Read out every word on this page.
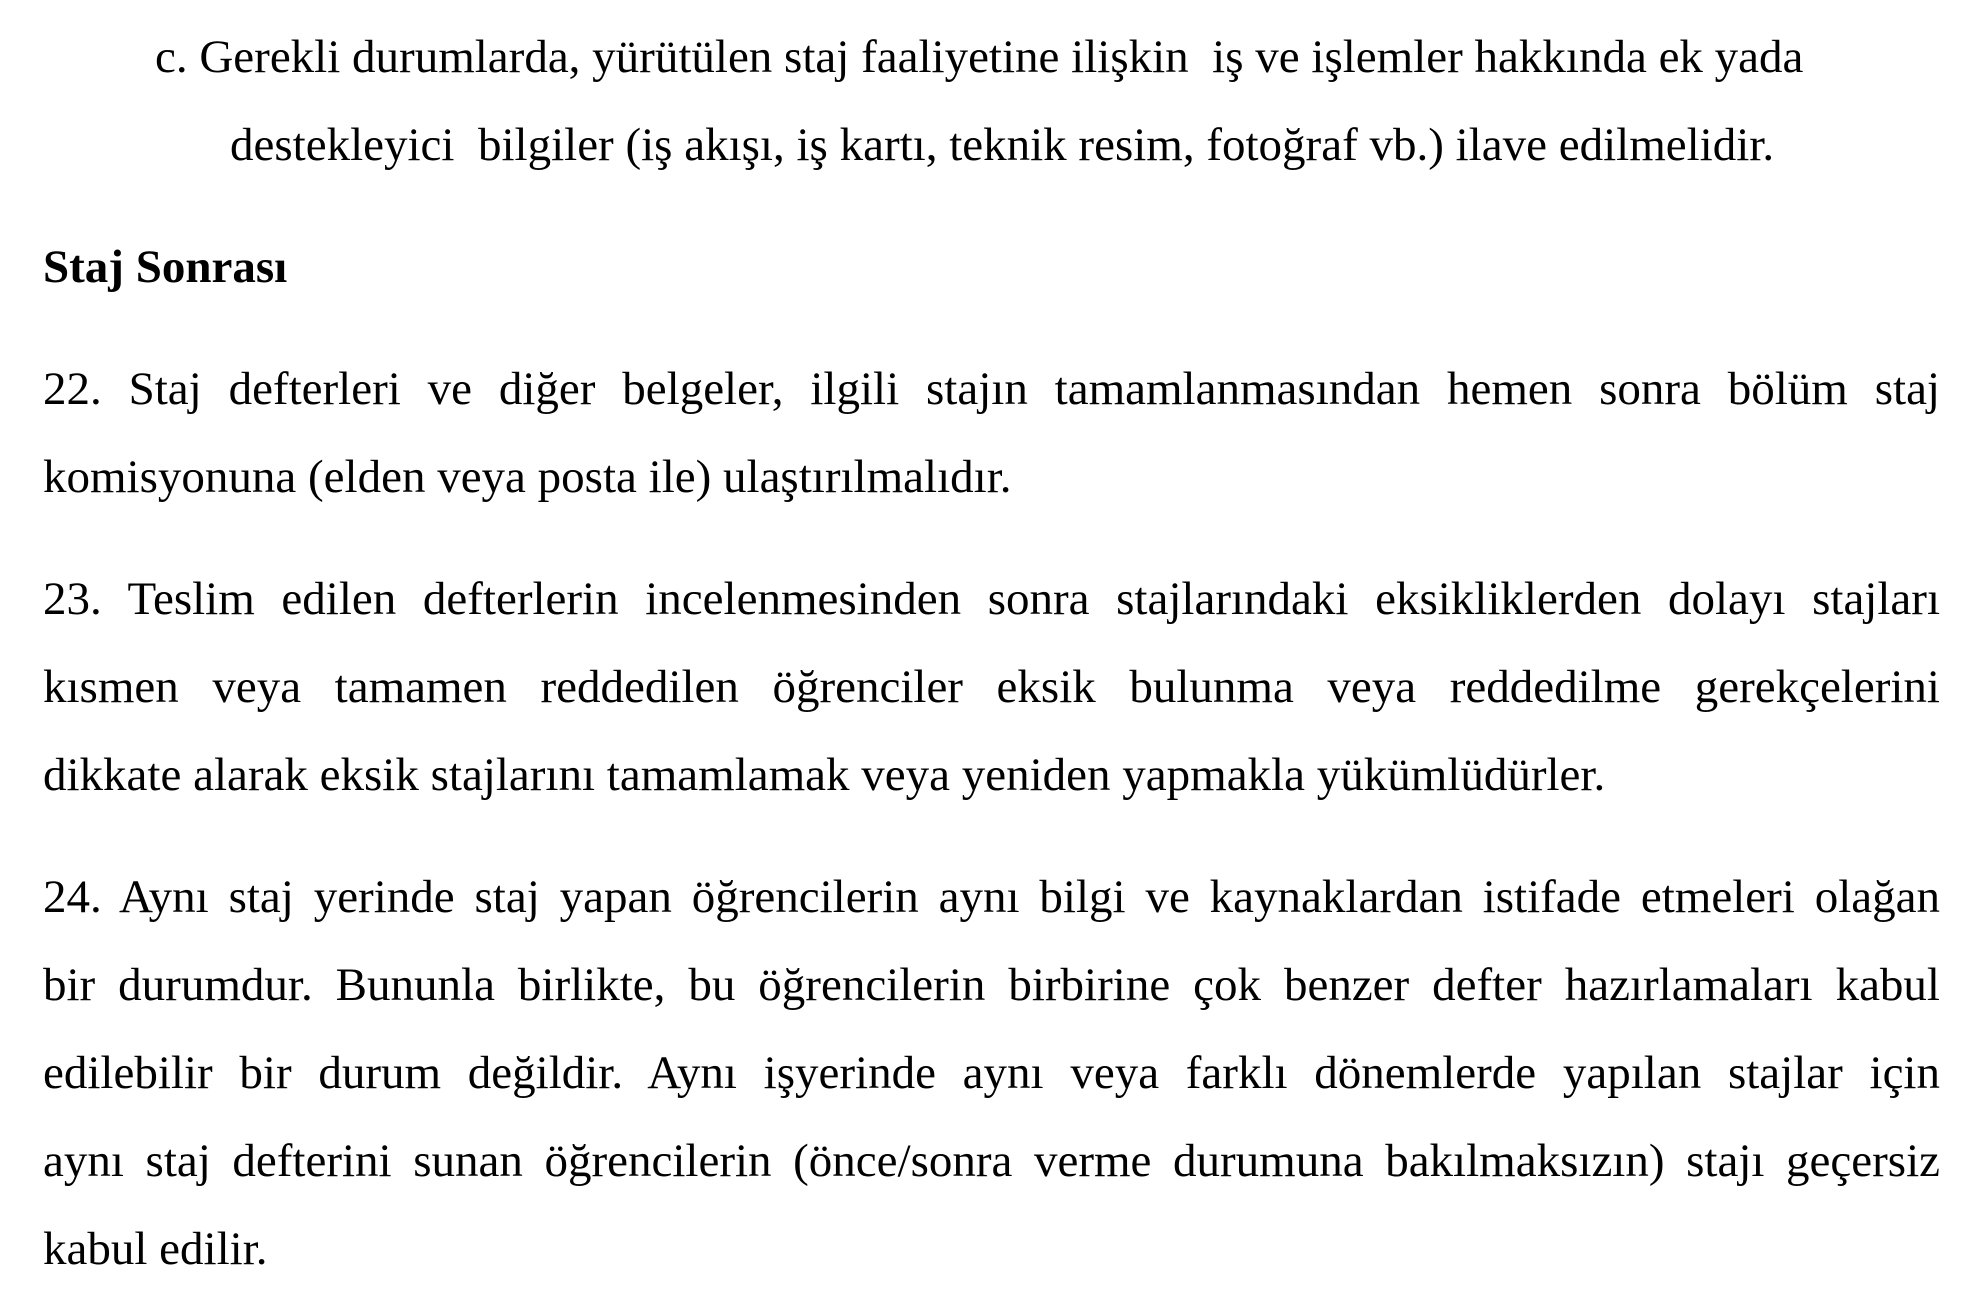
c. Gerekli durumlarda, yürütülen staj faaliyetine ilişkin  iş ve işlemler hakkında ek yada
destekleyici  bilgiler (iş akışı, iş kartı, teknik resim, fotoğraf vb.) ilave edilmelidir.
Staj Sonrası
22. Staj defterleri ve diğer belgeler, ilgili stajın tamamlanmasından hemen sonra bölüm staj
komisyonuna (elden veya posta ile) ulaştırılmalıdır.
23. Teslim edilen defterlerin incelenmesinden sonra stajlarındaki eksikliklerden dolayı stajları
kısmen veya tamamen reddedilen öğrenciler eksik bulunma veya reddedilme gerekçelerini
dikkate alarak eksik stajlarını tamamlamak veya yeniden yapmakla yükümlüdürler.
24. Aynı staj yerinde staj yapan öğrencilerin aynı bilgi ve kaynaklardan istifade etmeleri olağan
bir durumdur. Bununla birlikte, bu öğrencilerin birbirine çok benzer defter hazırlamaları kabul
edilebilir bir durum değildir. Aynı işyerinde aynı veya farklı dönemlerde yapılan stajlar için
aynı staj defterini sunan öğrencilerin (önce/sonra verme durumuna bakılmaksızın) stajı geçersiz
kabul edilir.
